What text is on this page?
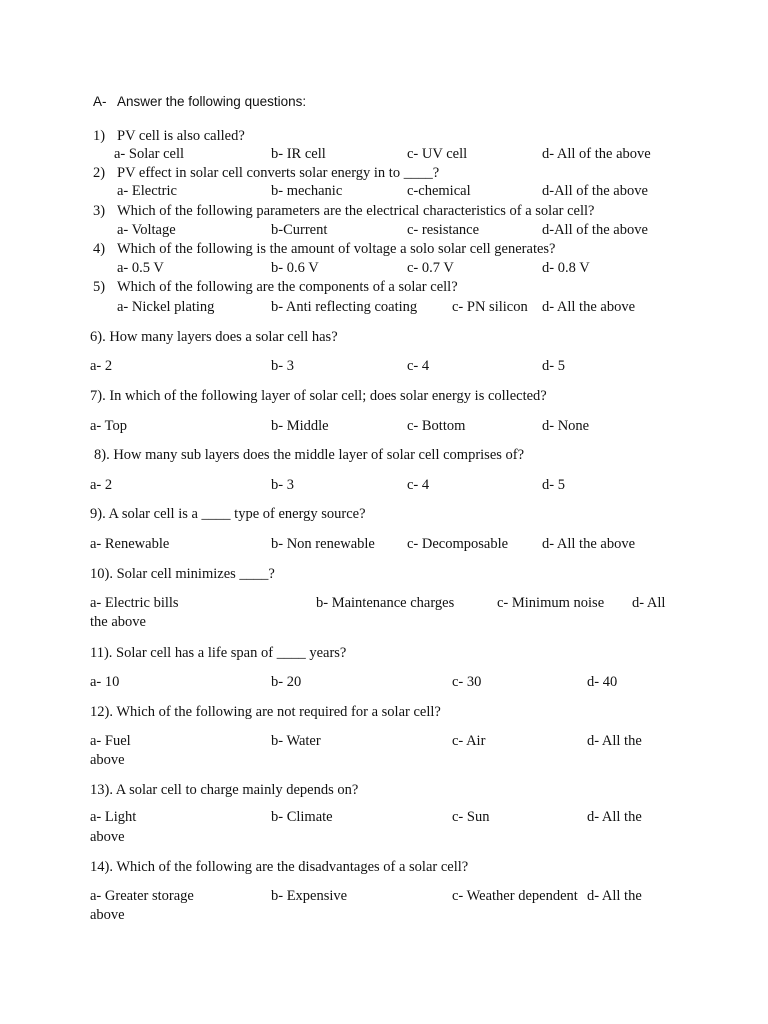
A- Answer the following questions:
1) PV cell is also called?
a- Solar cell	b- IR cell	c- UV cell	d- All of the above
2) PV effect in solar cell converts solar energy in to ____?
a- Electric	b- mechanic	c-chemical	d-All of the above
3) Which of the following parameters are the electrical characteristics of a solar cell?
a- Voltage	b-Current	c- resistance	d-All of the above
4) Which of the following is the amount of voltage a solo solar cell generates?
a- 0.5 V	b- 0.6 V	c- 0.7 V	d- 0.8 V
5) Which of the following are the components of a solar cell?
a- Nickel plating	b- Anti reflecting coating c- PN silicon d- All the above
6). How many layers does a solar cell has?
a- 2	b- 3	c- 4	d- 5
7). In which of the following layer of solar cell; does solar energy is collected?
a- Top	b- Middle	c- Bottom	d- None
8). How many sub layers does the middle layer of solar cell comprises of?
a- 2	b- 3	c- 4	d- 5
9). A solar cell is a ____ type of energy source?
a- Renewable	b- Non renewable c- Decomposable d- All the above
10). Solar cell minimizes ____?
a- Electric bills	b- Maintenance charges	c- Minimum noise d- All
the above
11). Solar cell has a life span of ____ years?
a- 10	b- 20	c- 30	d- 40
12). Which of the following are not required for a solar cell?
a- Fuel	b- Water	c- Air	d- All the
above
13). A solar cell to charge mainly depends on?
a- Light	b- Climate	c- Sun	d- All the
above
14). Which of the following are the disadvantages of a solar cell?
a- Greater storage	b- Expensive	c- Weather dependent d- All the
above
